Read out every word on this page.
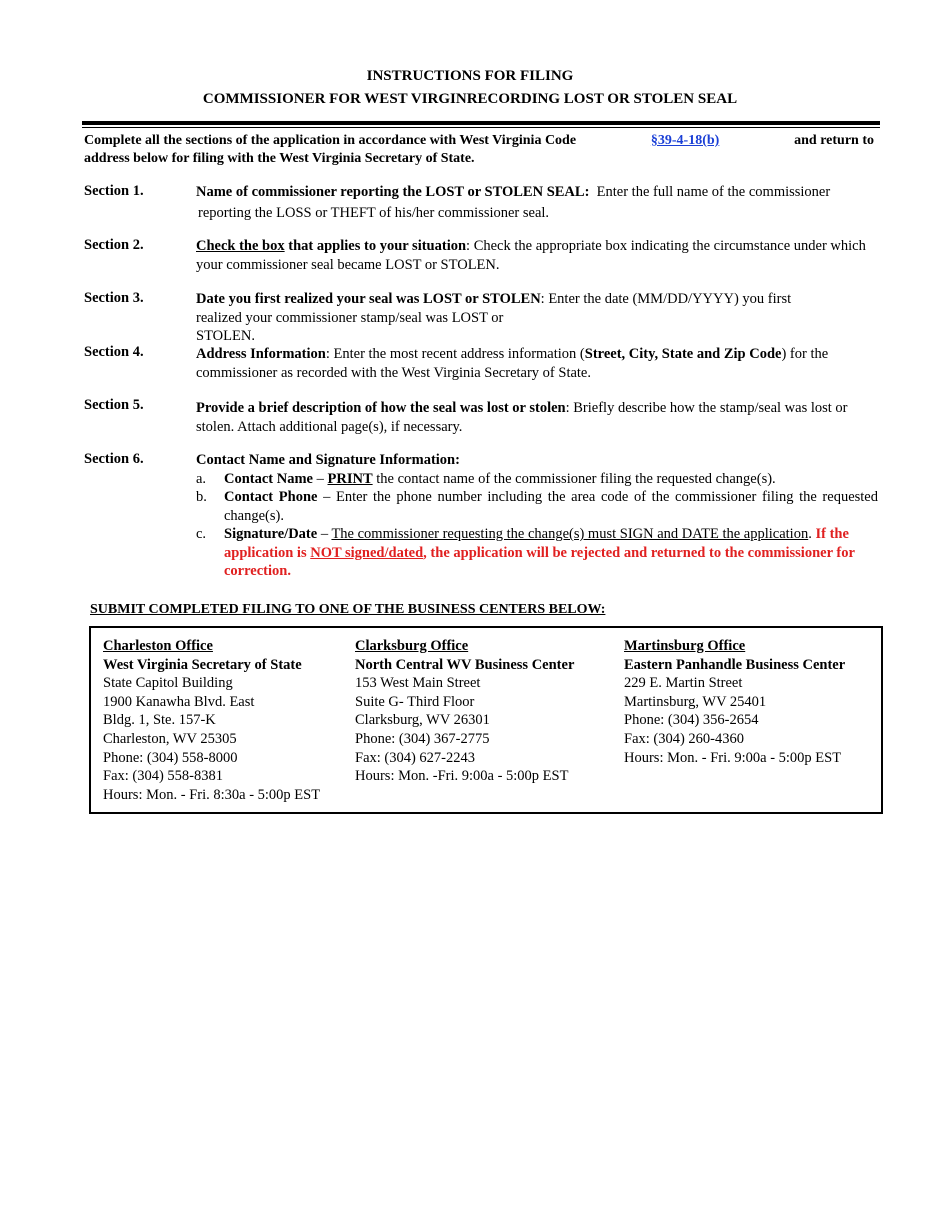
INSTRUCTIONS FOR FILING
COMMISSIONER FOR WEST VIRGINRECORDING LOST OR STOLEN SEAL
Complete all the sections of the application in accordance with West Virginia Code	§39-4-18(b)	and return to
address below for filing with the West Virginia Secretary of State.
Section 1.	Name of commissioner reporting the LOST or STOLEN SEAL: Enter the full name of the commissioner
reporting the LOSS or THEFT of his/her commissioner seal.
Section 2.	Check the box that applies to your situation: Check the appropriate box indicating the circumstance under which your commissioner seal became LOST or STOLEN.
Section 3.	Date you first realized your seal was LOST or STOLEN: Enter the date (MM/DD/YYYY) you first
realized your commissioner stamp/seal was LOST or
STOLEN.
Section 4.	Address Information: Enter the most recent address information (Street, City, State and Zip Code) for the commissioner as recorded with the West Virginia Secretary of State.
Section 5.	Provide a brief description of how the seal was lost or stolen: Briefly describe how the stamp/seal was lost or stolen. Attach additional page(s), if necessary.
Section 6.	Contact Name and Signature Information:
a.	Contact Name – PRINT the contact name of the commissioner filing the requested change(s).
b.	Contact Phone – Enter the phone number including the area code of the commissioner filing the requested change(s).
c.	Signature/Date – The commissioner requesting the change(s) must SIGN and DATE the application. If the application is NOT signed/dated, the application will be rejected and returned to the commissioner for correction.
SUBMIT COMPLETED FILING TO ONE OF THE BUSINESS CENTERS BELOW:
Charleston Office
West Virginia Secretary of State
State Capitol Building
1900 Kanawha Blvd. East
Bldg. 1, Ste. 157-K
Charleston, WV 25305
Phone: (304) 558-8000
Fax: (304) 558-8381
Hours: Mon. - Fri. 8:30a - 5:00p EST
Clarksburg Office
North Central WV Business Center
153 West Main Street
Suite G- Third Floor
Clarksburg, WV 26301
Phone: (304) 367-2775
Fax: (304) 627-2243
Hours: Mon. -Fri. 9:00a - 5:00p EST
Martinsburg Office
Eastern Panhandle Business Center
229 E. Martin Street
Martinsburg, WV 25401
Phone: (304) 356-2654
Fax: (304) 260-4360
Hours: Mon. - Fri. 9:00a - 5:00p EST
